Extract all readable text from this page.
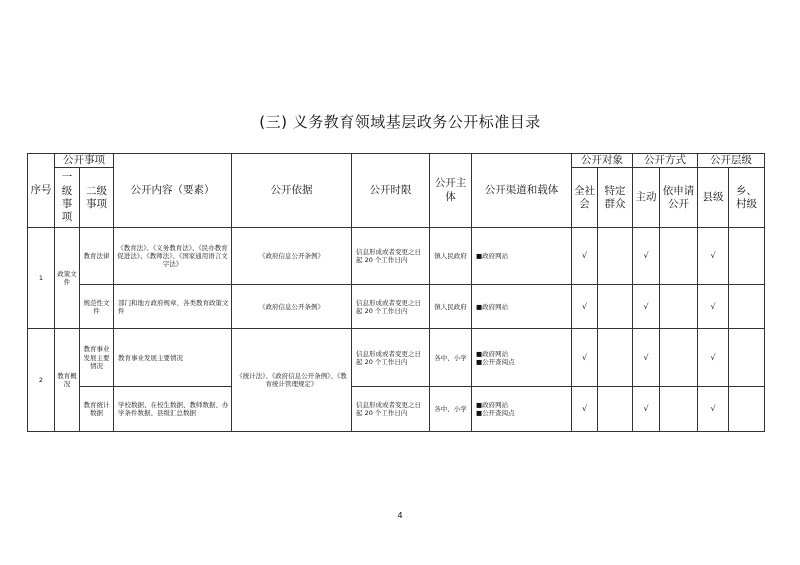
(三) 义务教育领域基层政务公开标准目录
序号	公开事项		公开内容（要素）	公开依据	公开时限	公开主体	公开渠道和载体	公开对象		公开方式		公开层级	
	一级事项	二级事项						全社会	特定群众	主动	依申请公开	县级	乡、村级
1	政策文件	教育法律	《教育法》、《义务教育法》、《民办教育促进法》、《教师法》、《国家通用语言文字法》	《政府信息公开条例》	信息形成或者变更之日起 20 个工作日内	镇人民政府	■政府网站	√		√		√	
		规范性文件	部门和地方政府规章、各类教育政策文件	《政府信息公开条例》	信息形成或者变更之日起 20 个工作日内	镇人民政府	■政府网站	√		√		√	
2	教育概况	教育事业发展主要情况	教育事业发展主要情况	《统计法》、《政府信息公开条例》、《教育统计管理规定》	信息形成或者变更之日起 20 个工作日内	各中、小学	■政府网站
■公开查阅点	√		√		√	
		教育统计数据	学校数据、在校生数据、教师数据、办学条件数据、县级汇总数据		信息形成或者变更之日起 20 个工作日内	各中、小学	■政府网站
■公开查阅点	√		√		√	
4
